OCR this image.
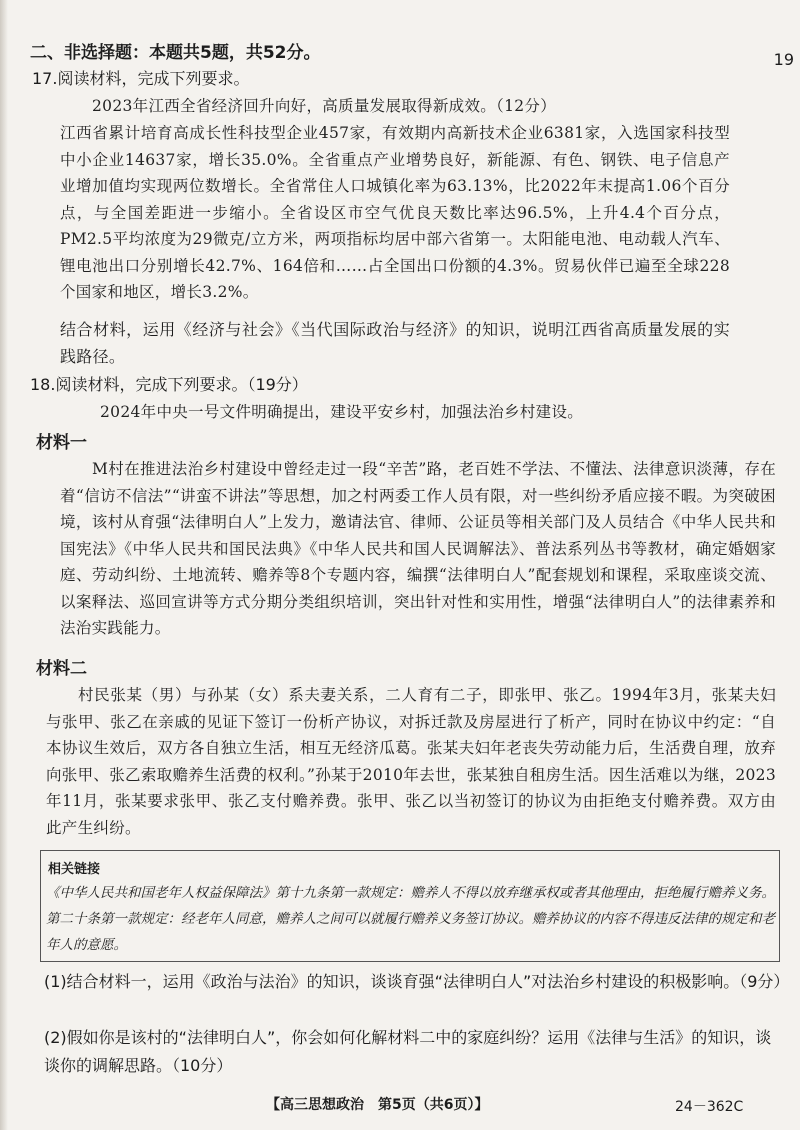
二、非选择题：本题共5题，共52分。	19
17.阅读材料，完成下列要求。
2023年江西全省经济回升向好，高质量发展取得新成效。（12分）
江西省累计培育高成长性科技型企业457家，有效期内高新技术企业6381家，入选国家科技型中小企业14637家，增长35.0%。全省重点产业增势良好，新能源、有色、钢铁、电子信息产业增加值均实现两位数增长。全省常住人口城镇化率为63.13%，比2022年末提高1.06个百分点，与全国差距进一步缩小。全省设区市空气优良天数比率达96.5%，上升4.4个百分点，PM2.5平均浓度为29微克/立方米，两项指标均居中部六省第一。太阳能电池、电动载人汽车、锂电池出口分别增长42.7%、164倍和……占全国出口份额的4.3%。贸易伙伴已遍至全球228个国家和地区，增长3.2%。
结合材料，运用《经济与社会》《当代国际政治与经济》的知识，说明江西省高质量发展的实践路径。
18.阅读材料，完成下列要求。（19分）
2024年中央一号文件明确提出，建设平安乡村，加强法治乡村建设。
材料一
M村在推进法治乡村建设中曾经走过一段“辛苦”路，老百姓不学法、不懂法、法律意识淡薄，存在着“信访不信法”“讲蛮不讲法”等思想，加之村两委工作人员有限，对一些纠纷矛盾应接不暇。为突破困境，该村从育强“法律明白人”上发力，邀请法官、律师、公证员等相关部门及人员结合《中华人民共和国宪法》《中华人民共和国民法典》《中华人民共和国人民调解法》、普法系列丛书等教材，确定婚姻家庭、劳动纠纷、土地流转、赡养等8个专题内容，编撰“法律明白人”配套规划和课程，采取座谈交流、以案释法、巡回宣讲等方式分期分类组织培训，突出针对性和实用性，增强“法律明白人”的法律素养和法治实践能力。
材料二
村民张某（男）与孙某（女）系夫妻关系，二人育有二子，即张甲、张乙。1994年3月，张某夫妇与张甲、张乙在亲戚的见证下签订一份析产协议，对拆迁款及房屋进行了析产，同时在协议中约定：“自本协议生效后，双方各自独立生活，相互无经济瓜葛。张某夫妇年老丧失劳动能力后，生活费自理，放弃向张甲、张乙索取赡养生活费的权利。”孙某于2010年去世，张某独自租房生活。因生活难以为继，2023年11月，张某要求张甲、张乙支付赡养费。张甲、张乙以当初签订的协议为由拒绝支付赡养费。双方由此产生纠纷。
相关链接
《中华人民共和国老年人权益保障法》第十九条第一款规定：赡养人不得以放弃继承权或者其他理由，拒绝履行赡养义务。第二十条第一款规定：经老年人同意，赡养人之间可以就履行赡养义务签订协议。赡养协议的内容不得违反法律的规定和老年人的意愿。
(1)结合材料一，运用《政治与法治》的知识，谈谈育强“法律明白人”对法治乡村建设的积极影响。（9分）
(2)假如你是该村的“法律明白人”，你会如何化解材料二中的家庭纠纷？运用《法律与生活》的知识，谈谈你的调解思路。（10分）
【高三思想政治　第5页（共6页）】	24－362C
